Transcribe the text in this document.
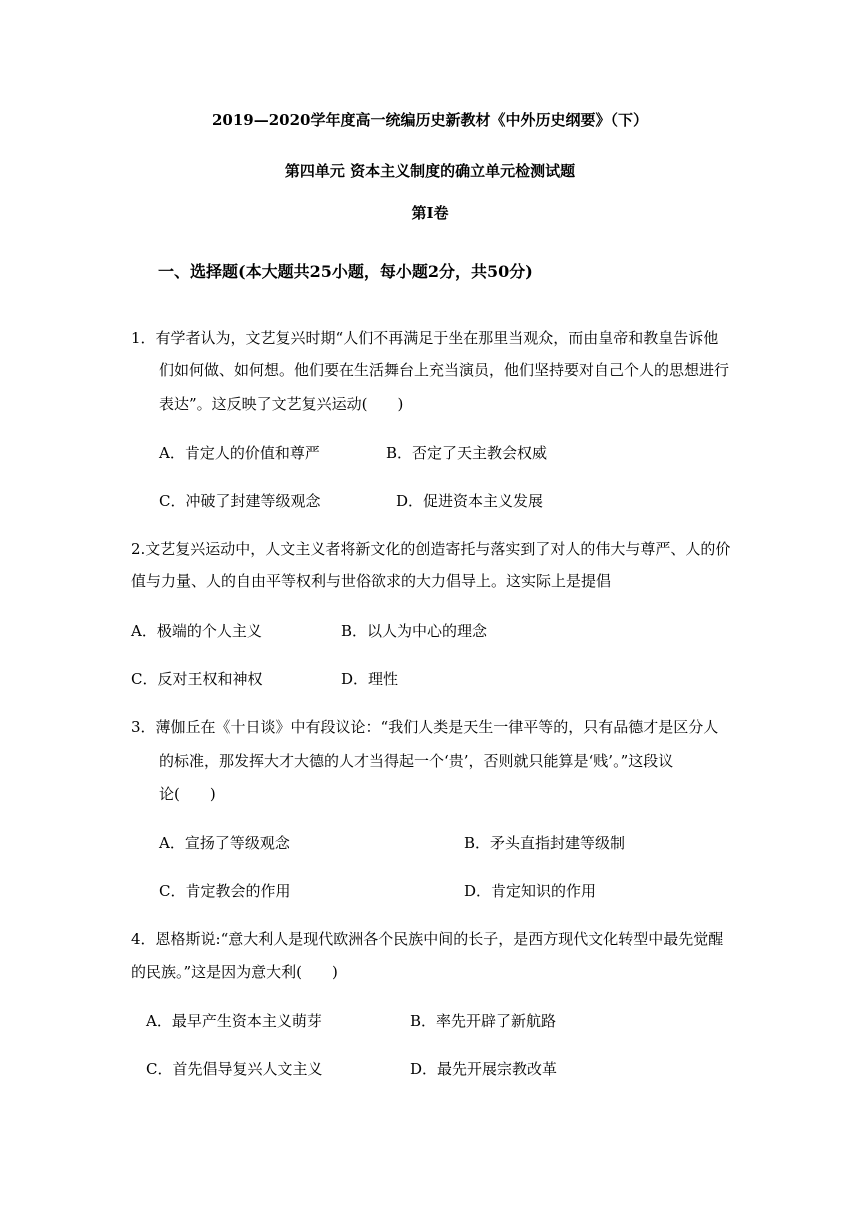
2019—2020学年度高一统编历史新教材《中外历史纲要》（下）
第四单元 资本主义制度的确立单元检测试题
第Ⅰ卷
一、选择题(本大题共25小题，每小题2分，共50分)
1．有学者认为，文艺复兴时期“人们不再满足于坐在那里当观众，而由皇帝和教皇告诉他
们如何做、如何想。他们要在生活舞台上充当演员，他们坚持要对自己个人的思想进行
表达”。这反映了文艺复兴运动(　　)
A．肯定人的价值和尊严	B．否定了天主教会权威
C．冲破了封建等级观念	D．促进资本主义发展
2.文艺复兴运动中，人文主义者将新文化的创造寄托与落实到了对人的伟大与尊严、人的价
值与力量、人的自由平等权利与世俗欲求的大力倡导上。这实际上是提倡
A．极端的个人主义	B．以人为中心的理念
C．反对王权和神权	D．理性
3．薄伽丘在《十日谈》中有段议论：“我们人类是天生一律平等的，只有品德才是区分人
的标准，那发挥大才大德的人才当得起一个‘贵’，否则就只能算是‘贱’。”这段议
论(　　)
A．宣扬了等级观念	B．矛头直指封建等级制
C．肯定教会的作用	D．肯定知识的作用
4．恩格斯说:“意大利人是现代欧洲各个民族中间的长子，是西方现代文化转型中最先觉醒
的民族。”这是因为意大利(　　)
A．最早产生资本主义萌芽	B．率先开辟了新航路
C．首先倡导复兴人文主义	D．最先开展宗教改革
